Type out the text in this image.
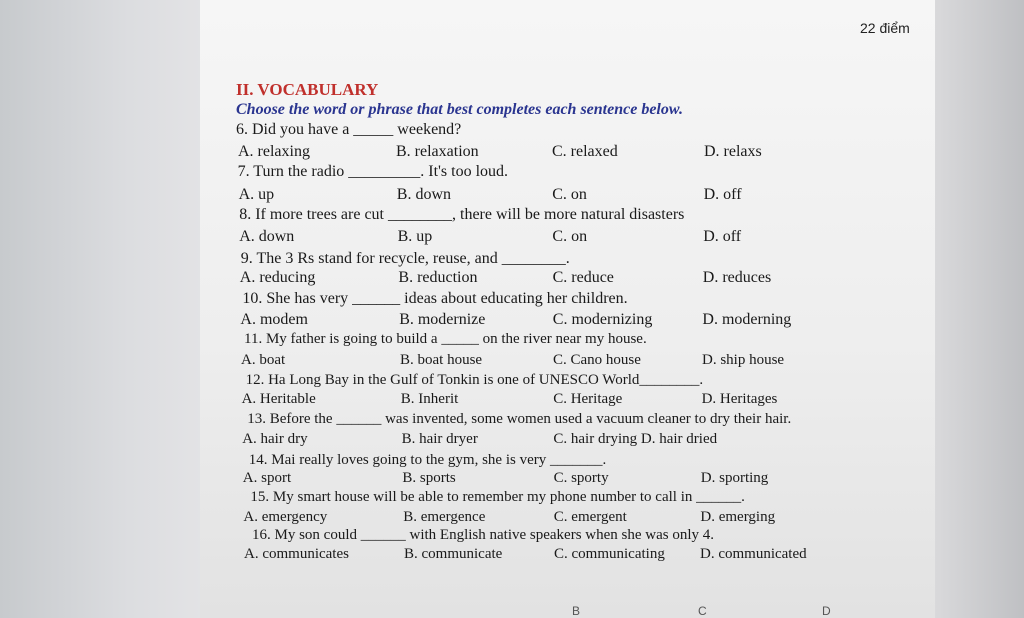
22 điểm
II. VOCABULARY
Choose the word or phrase that best completes each sentence below.
6. Did you have a _____ weekend?
A. relaxing	B. relaxation	C. relaxed	D. relaxs
7. Turn the radio _________. It's too loud.
A. up	B. down	C. on	D. off
8. If more trees are cut ________, there will be more natural disasters
A. down	B. up	C. on	D. off
9. The 3 Rs stand for recycle, reuse, and ________.
A. reducing	B. reduction	C. reduce	D. reduces
10. She has very ______ ideas about educating her children.
A. modem	B. modernize	C. modernizing	D. moderning
11. My father is going to build a _____ on the river near my house.
A. boat	B. boat house	C. Cano house	D. ship house
12. Ha Long Bay in the Gulf of Tonkin is one of UNESCO World________.
A. Heritable	B. Inherit	C. Heritage	D. Heritages
13. Before the ______ was invented, some women used a vacuum cleaner to dry their hair.
A. hair dry	B. hair dryer	C. hair drying D. hair dried
14. Mai really loves going to the gym, she is very _______.
A. sport	B. sports	C. sporty	D. sporting
15. My smart house will be able to remember my phone number to call in ______.
A. emergency	B. emergence	C. emergent	D. emerging
16. My son could ______ with English native speakers when she was only 4.
A. communicates	B. communicate	C. communicating D. communicated
B	C	D
